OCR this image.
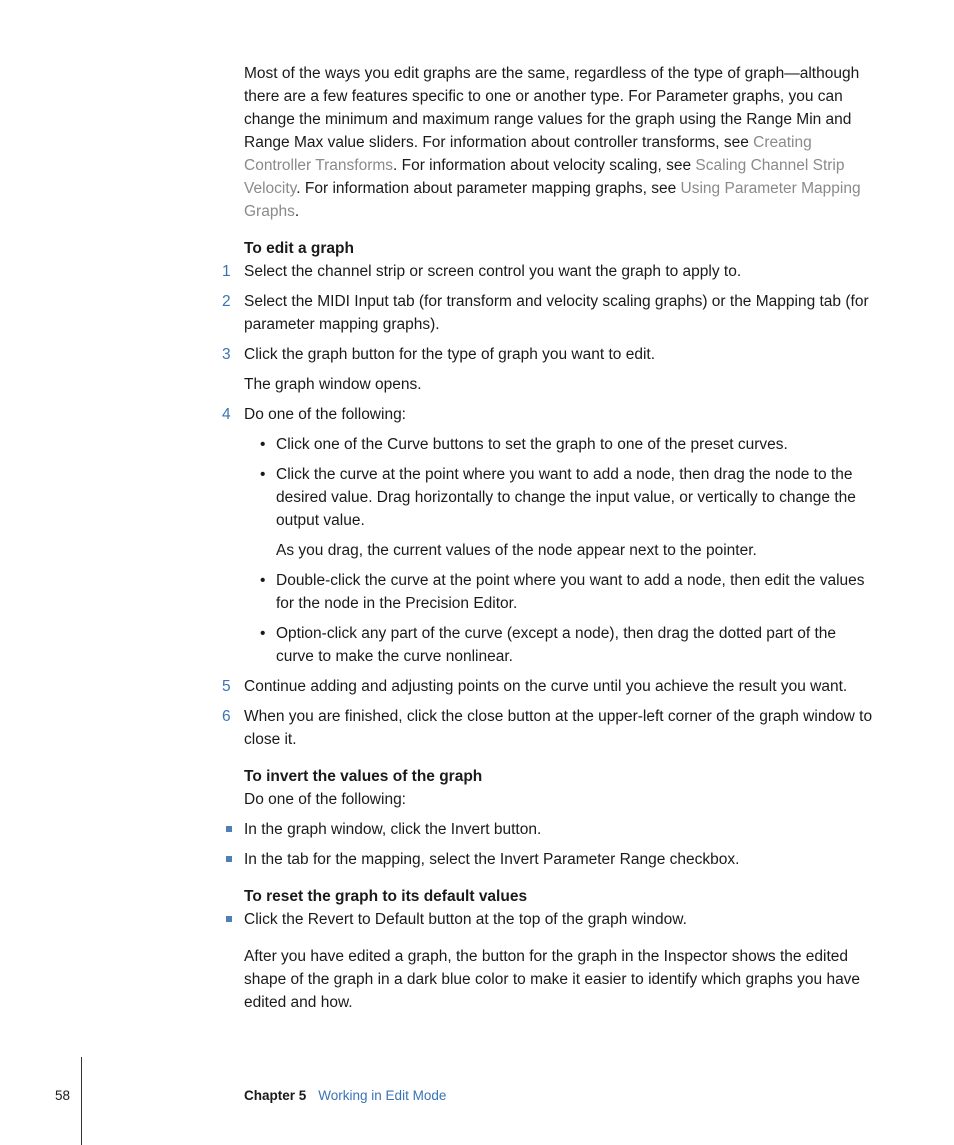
Most of the ways you edit graphs are the same, regardless of the type of graph—although there are a few features specific to one or another type. For Parameter graphs, you can change the minimum and maximum range values for the graph using the Range Min and Range Max value sliders. For information about controller transforms, see Creating Controller Transforms. For information about velocity scaling, see Scaling Channel Strip Velocity. For information about parameter mapping graphs, see Using Parameter Mapping Graphs.

To edit a graph
1 Select the channel strip or screen control you want the graph to apply to.
2 Select the MIDI Input tab (for transform and velocity scaling graphs) or the Mapping tab (for parameter mapping graphs).
3 Click the graph button for the type of graph you want to edit.
The graph window opens.
4 Do one of the following:
• Click one of the Curve buttons to set the graph to one of the preset curves.
• Click the curve at the point where you want to add a node, then drag the node to the desired value. Drag horizontally to change the input value, or vertically to change the output value.
As you drag, the current values of the node appear next to the pointer.
• Double-click the curve at the point where you want to add a node, then edit the values for the node in the Precision Editor.
• Option-click any part of the curve (except a node), then drag the dotted part of the curve to make the curve nonlinear.
5 Continue adding and adjusting points on the curve until you achieve the result you want.
6 When you are finished, click the close button at the upper-left corner of the graph window to close it.
To invert the values of the graph
Do one of the following:
In the graph window, click the Invert button.
In the tab for the mapping, select the Invert Parameter Range checkbox.
To reset the graph to its default values
Click the Revert to Default button at the top of the graph window.

After you have edited a graph, the button for the graph in the Inspector shows the edited shape of the graph in a dark blue color to make it easier to identify which graphs you have edited and how.

58	Chapter 5 Working in Edit Mode
